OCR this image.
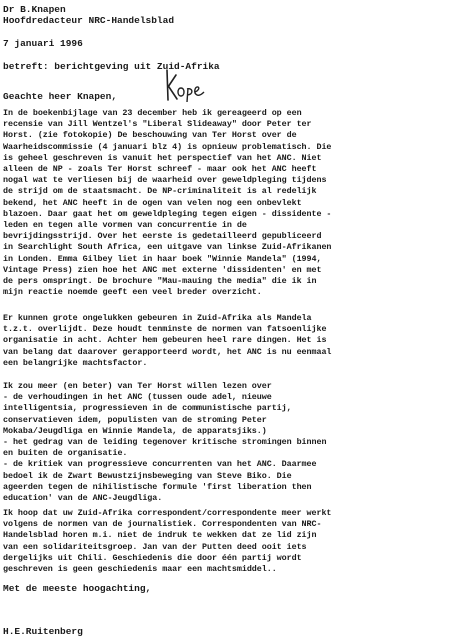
Dr B.Knapen
Hoofdredacteur NRC-Handelsblad
7 januari 1996
betreft: berichtgeving uit Zuid-Afrika
Geachte heer Knapen,
In de boekenbijlage van 23 december heb ik gereageerd op een
recensie van Jill Wentzel's "Liberal Slideaway" door Peter ter
Horst. (zie fotokopie) De beschouwing van Ter Horst over de
Waarheidscommissie (4 januari blz 4) is opnieuw problematisch. Die
is geheel geschreven is vanuit het perspectief van het ANC. Niet
alleen de NP - zoals Ter Horst schreef - maar ook het ANC heeft
nogal wat te verliesen bij de waarheid over geweldpleging tijdens
de strijd om de staatsmacht. De NP-criminaliteit is al redelijk
bekend, het ANC heeft in de ogen van velen nog een onbevlekt
blazoen. Daar gaat het om geweldpleging tegen eigen - dissidente -
leden en tegen alle vormen van concurrentie in de
bevrijdingsstrijd. Over het eerste is gedetailleerd gepubliceerd
in Searchlight South Africa, een uitgave van linkse Zuid-Afrikanen
in Londen. Emma Gilbey liet in haar boek "Winnie Mandela" (1994,
Vintage Press) zien hoe het ANC met externe 'dissidenten' en met
de pers omspringt. De brochure "Mau-mauing the media" die ik in
mijn reactie noemde geeft een veel breder overzicht.
Er kunnen grote ongelukken gebeuren in Zuid-Afrika als Mandela
t.z.t. overlijdt. Deze houdt tenminste de normen van fatsoenlijke
organisatie in acht. Achter hem gebeuren heel rare dingen. Het is
van belang dat daarover gerapporteerd wordt, het ANC is nu eenmaal
een belangrijke machtsfactor.
Ik zou meer (en beter) van Ter Horst willen lezen over
- de verhoudingen in het ANC (tussen oude adel, nieuwe
intelligentsia, progressieven in de communistische partij,
conservatieven idem, populisten van de stroming Peter
Mokaba/Jeugdliga en Winnie Mandela, de apparatsjiks.)
- het gedrag van de leiding tegenover kritische stromingen binnen
en buiten de organisatie.
- de kritiek van progressieve concurrenten van het ANC. Daarmee
bedoel ik de Zwart Bewustzijnsbeweging van Steve Biko. Die
ageerden tegen de nihilistische formule 'first liberation then
education' van de ANC-Jeugdliga.
Ik hoop dat uw Zuid-Afrika correspondent/correspondente meer werkt
volgens de normen van de journalistiek. Correspondenten van NRC-
Handelsblad horen m.i. niet de indruk te wekken dat ze lid zijn
van een solidariteitsgroep. Jan van der Putten deed ooit iets
dergelijks uit Chili. Geschiedenis die door één partij wordt
geschreven is geen geschiedenis maar een machtsmiddel..
Met de meeste hoogachting,
H.E.Ruitenberg
